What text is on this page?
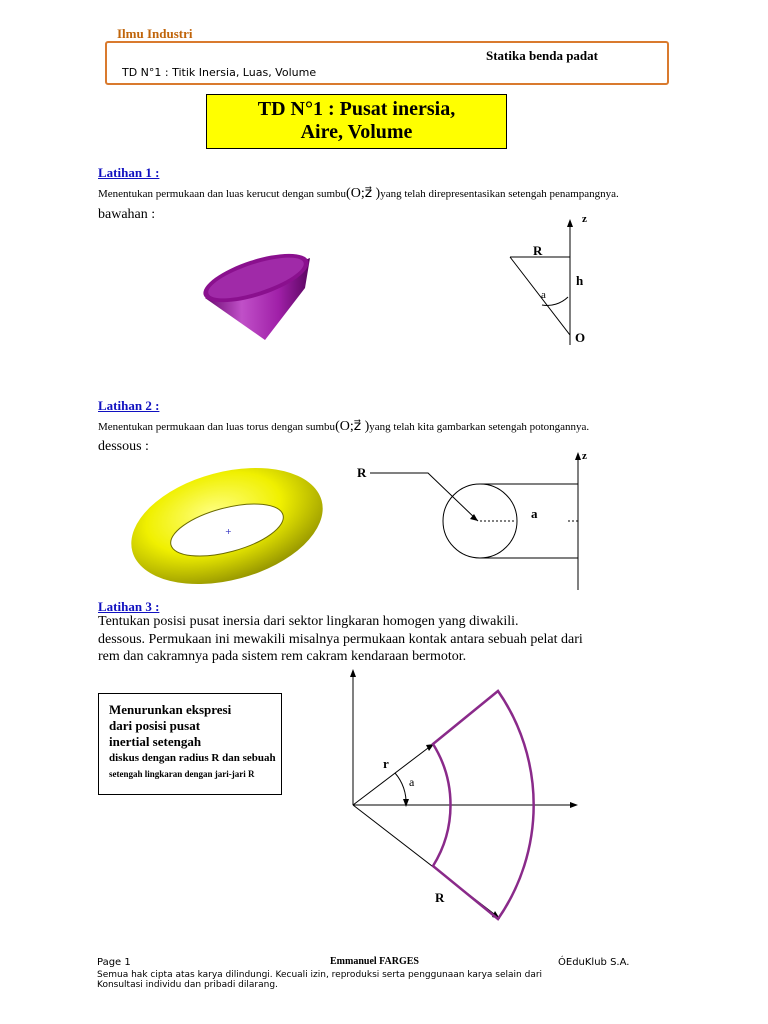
Ilmu Industri
Statika benda padat
TD N°1 : Titik Inersia, Luas, Volume
TD N°1 : Pusat inersia,
Aire, Volume
Latihan 1 :
Menentukan permukaan dan luas kerucut dengan sumbu(O;z⃗ )yang telah direpresentasikan setengah penampangnya.
bawahan :	z⃗
R
h
a
O
Latihan 2 :
Menentukan permukaan dan luas torus dengan sumbu(O;z⃗ )yang telah kita gambarkan setengah potongannya.
dessous :
+
z⃗
R
a
Latihan 3 :
Tentukan posisi pusat inersia dari sektor lingkaran homogen yang diwakili.
dessous. Permukaan ini mewakili misalnya permukaan kontak antara sebuah pelat dari
rem dan cakramnya pada sistem rem cakram kendaraan bermotor.
Menurunkan ekspresi
dari posisi pusat
inertial setengah
diskus dengan radius R dan sebuah
setengah lingkaran dengan jari-jari R
r
a
R
Page 1	Emmanuel FARGES	ÓEduKlub S.A.
Semua hak cipta atas karya dilindungi. Kecuali izin, reproduksi serta penggunaan karya selain dari
Konsultasi individu dan pribadi dilarang.
